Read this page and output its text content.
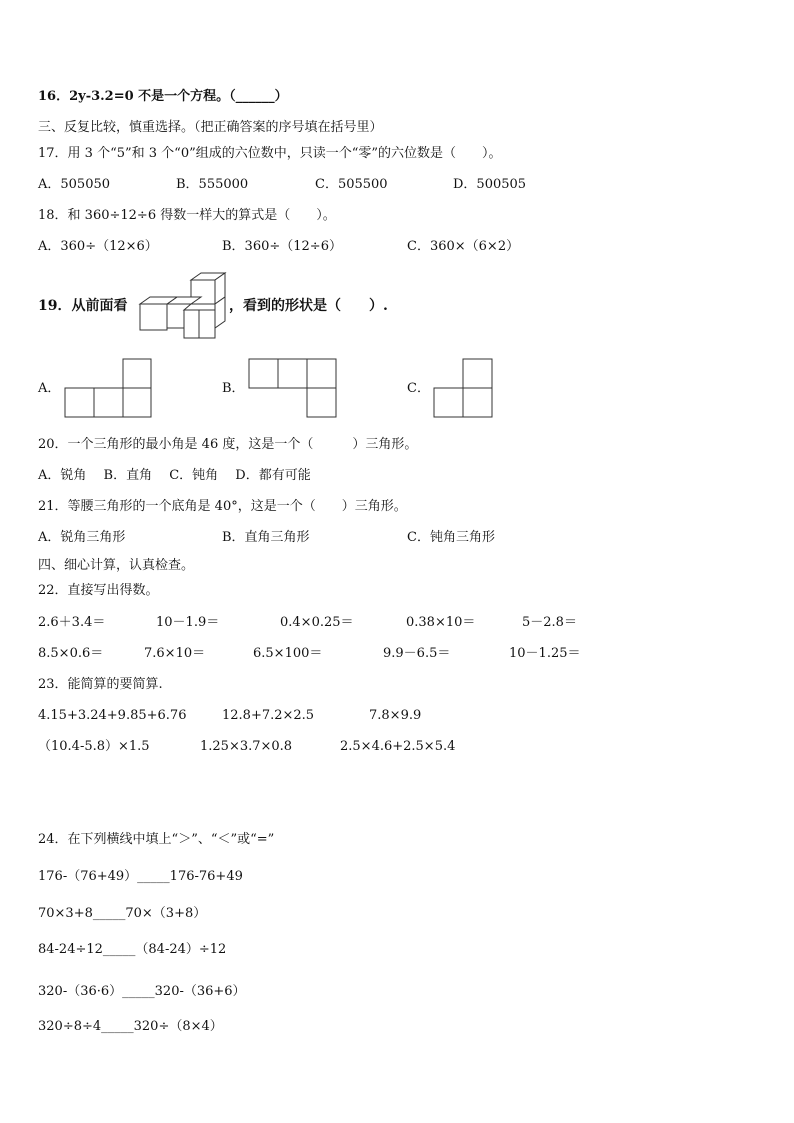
16．2y-3.2=0 不是一个方程。（______）
三、反复比较，慎重选择。（把正确答案的序号填在括号里）
17．用 3 个“5”和 3 个“0”组成的六位数中，只读一个“零”的六位数是（　　）。
A．505050	B．555000	C．505500	D．500505
18．和 360÷12÷6 得数一样大的算式是（　　）。
A．360÷（12×6）	B．360÷（12÷6）	C．360×（6×2）
19．从前面看	，看到的形状是（　　）.
A．	B．	C．
20．一个三角形的最小角是 46 度，这是一个（　　　）三角形。
A．锐角　 B．直角　 C．钝角　 D．都有可能
21．等腰三角形的一个底角是 40°，这是一个（　　）三角形。
A．锐角三角形	B．直角三角形	C．钝角三角形
四、细心计算，认真检查。
22．直接写出得数。
2.6＋3.4＝	10－1.9＝	0.4×0.25＝	0.38×10＝	5－2.8＝
8.5×0.6＝	7.6×10＝	6.5×100＝	9.9－6.5＝	10－1.25＝
23．能简算的要简算.
4.15+3.24+9.85+6.76	12.8+7.2×2.5	7.8×9.9
（10.4-5.8）×1.5	1.25×3.7×0.8	2.5×4.6+2.5×5.4
24．在下列横线中填上“＞”、“＜”或“=”
176-（76+49）_____176-76+49
70×3+8_____70×（3+8）
84-24÷12_____（84-24）÷12
320-（36·6）_____320-（36+6）
320÷8÷4_____320÷（8×4）
